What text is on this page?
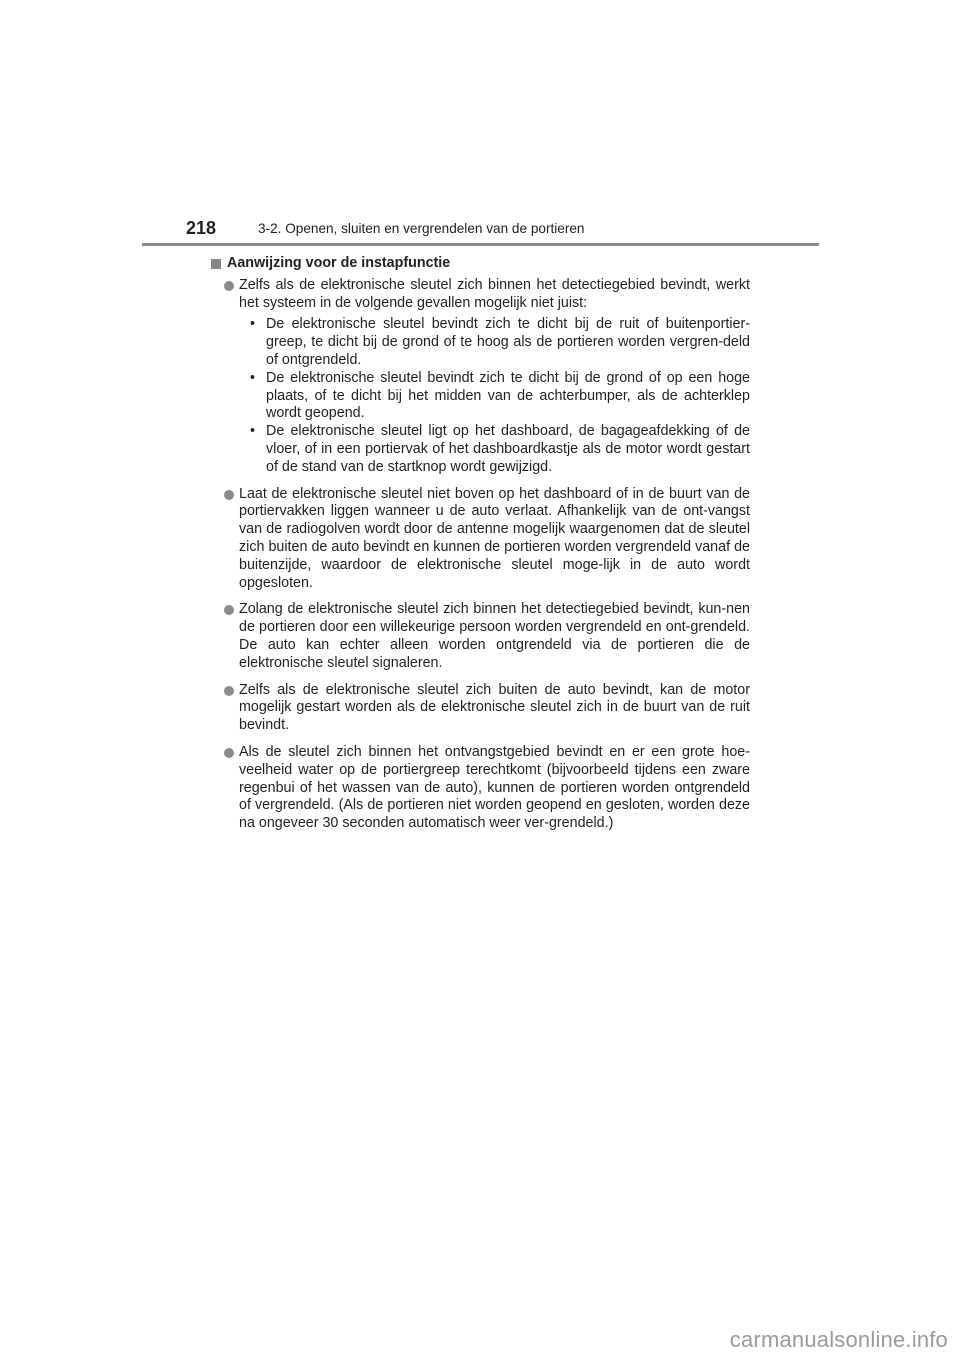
218	3-2. Openen, sluiten en vergrendelen van de portieren
Aanwijzing voor de instapfunctie
Zelfs als de elektronische sleutel zich binnen het detectiegebied bevindt, werkt het systeem in de volgende gevallen mogelijk niet juist:
• De elektronische sleutel bevindt zich te dicht bij de ruit of buitenportier-greep, te dicht bij de grond of te hoog als de portieren worden vergren-deld of ontgrendeld.
• De elektronische sleutel bevindt zich te dicht bij de grond of op een hoge plaats, of te dicht bij het midden van de achterbumper, als de achterklep wordt geopend.
• De elektronische sleutel ligt op het dashboard, de bagageafdekking of de vloer, of in een portiervak of het dashboardkastje als de motor wordt gestart of de stand van de startknop wordt gewijzigd.
Laat de elektronische sleutel niet boven op het dashboard of in de buurt van de portiervakken liggen wanneer u de auto verlaat. Afhankelijk van de ont-vangst van de radiogolven wordt door de antenne mogelijk waargenomen dat de sleutel zich buiten de auto bevindt en kunnen de portieren worden vergrendeld vanaf de buitenzijde, waardoor de elektronische sleutel moge-lijk in de auto wordt opgesloten.
Zolang de elektronische sleutel zich binnen het detectiegebied bevindt, kun-nen de portieren door een willekeurige persoon worden vergrendeld en ont-grendeld. De auto kan echter alleen worden ontgrendeld via de portieren die de elektronische sleutel signaleren.
Zelfs als de elektronische sleutel zich buiten de auto bevindt, kan de motor mogelijk gestart worden als de elektronische sleutel zich in de buurt van de ruit bevindt.
Als de sleutel zich binnen het ontvangstgebied bevindt en er een grote hoe-veelheid water op de portiergreep terechtkomt (bijvoorbeeld tijdens een zware regenbui of het wassen van de auto), kunnen de portieren worden ontgrendeld of vergrendeld. (Als de portieren niet worden geopend en gesloten, worden deze na ongeveer 30 seconden automatisch weer ver-grendeld.)
carmanualsonline.info
